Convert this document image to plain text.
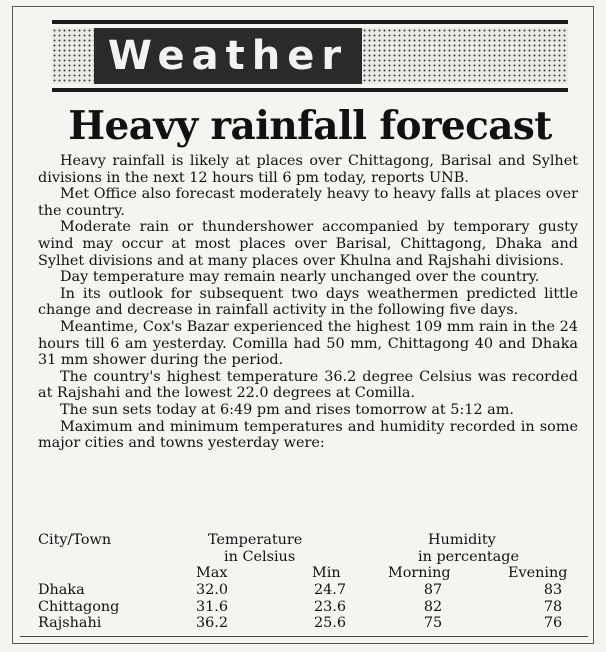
Weather
Heavy rainfall forecast

Heavy rainfall is likely at places over Chittagong, Barisal and Sylhet divisions in the next 12 hours till 6 pm today, reports UNB.

Met Office also forecast moderately heavy to heavy falls at places over the country.

Moderate rain or thundershower accompanied by temporary gusty wind may occur at most places over Barisal, Chittagong, Dhaka and Sylhet divisions and at many places over Khulna and Rajshahi divisions.

Day temperature may remain nearly unchanged over the country.

In its outlook for subsequent two days weathermen predicted little change and decrease in rainfall activity in the following five days.

Meantime, Cox's Bazar experienced the highest 109 mm rain in the 24 hours till 6 am yesterday. Comilla had 50 mm, Chittagong 40 and Dhaka 31 mm shower during the period.

The country's highest temperature 36.2 degree Celsius was recorded at Rajshahi and the lowest 22.0 degrees at Comilla.

The sun sets today at 6:49 pm and rises tomorrow at 5:12 am.

Maximum and minimum temperatures and humidity recorded in some major cities and towns yesterday were:

City/Town	Temperature	Humidity
in Celsius	in percentage
Max	Min	Morning	Evening
Dhaka	32.0	24.7	87	83
Chittagong	31.6	23.6	82	78
Rajshahi	36.2	25.6	75	76
